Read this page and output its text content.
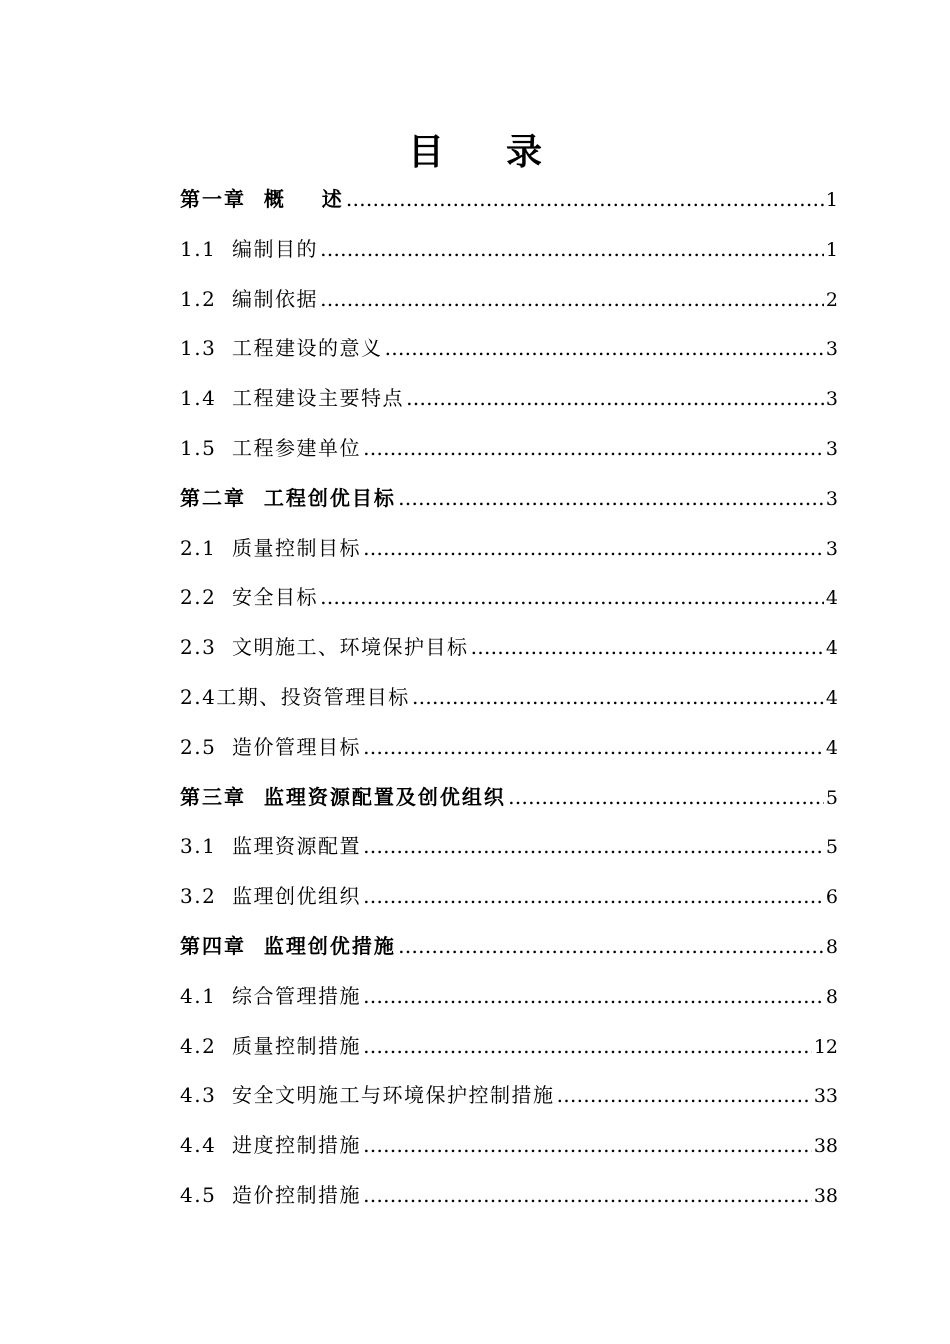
目 录
第一章  概    述 ……………………………………………………………………………………………………………………………………………………………………	1
1.1  编制目的 ……………………………………………………………………………………………………………………………………………………………………	1
1.2  编制依据 ……………………………………………………………………………………………………………………………………………………………………	2
1.3  工程建设的意义 ……………………………………………………………………………………………………………………………………………………………………	3
1.4  工程建设主要特点 ……………………………………………………………………………………………………………………………………………………………………	3
1.5  工程参建单位 ……………………………………………………………………………………………………………………………………………………………………	3
第二章  工程创优目标 ……………………………………………………………………………………………………………………………………………………………………	3
2.1  质量控制目标 ……………………………………………………………………………………………………………………………………………………………………	3
2.2  安全目标 ……………………………………………………………………………………………………………………………………………………………………	4
2.3  文明施工、环境保护目标 ……………………………………………………………………………………………………………………………………………………………………	4
2.4工期、投资管理目标 ……………………………………………………………………………………………………………………………………………………………………	4
2.5  造价管理目标 ……………………………………………………………………………………………………………………………………………………………………	4
第三章  监理资源配置及创优组织 ……………………………………………………………………………………………………………………………………………………………………	5
3.1  监理资源配置 ……………………………………………………………………………………………………………………………………………………………………	5
3.2  监理创优组织 ……………………………………………………………………………………………………………………………………………………………………	6
第四章  监理创优措施 ……………………………………………………………………………………………………………………………………………………………………	8
4.1  综合管理措施 ……………………………………………………………………………………………………………………………………………………………………	8
4.2  质量控制措施 ……………………………………………………………………………………………………………………………………………………………………	12
4.3  安全文明施工与环境保护控制措施 ……………………………………………………………………………………………………………………………………………………………………	33
4.4  进度控制措施 ……………………………………………………………………………………………………………………………………………………………………	38
4.5  造价控制措施 ……………………………………………………………………………………………………………………………………………………………………	38
